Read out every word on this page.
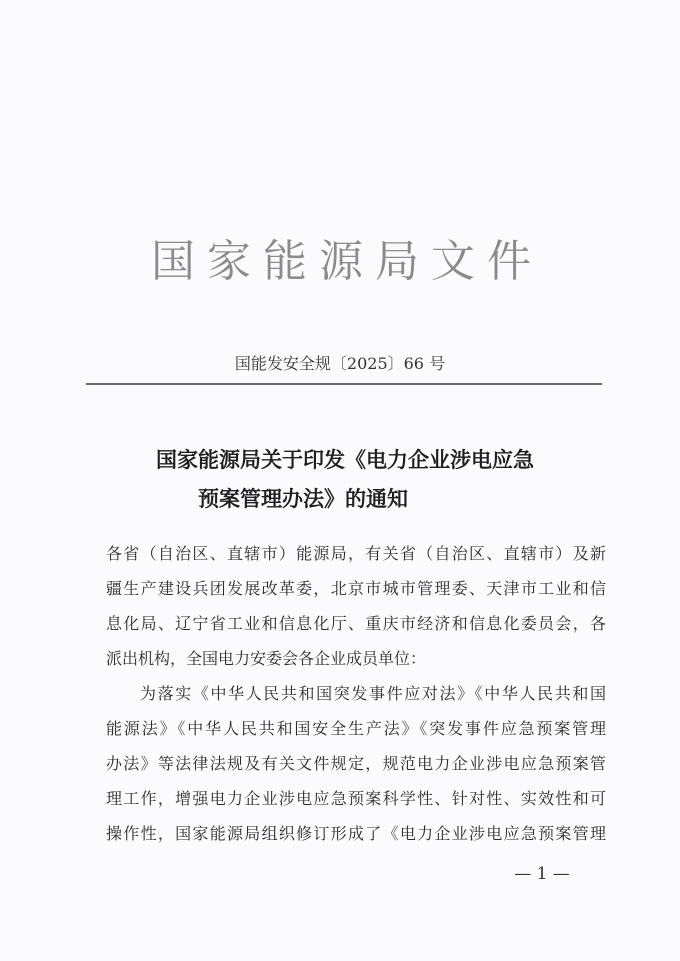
国家能源局文件
国能发安全规〔2025〕66 号
国家能源局关于印发《电力企业涉电应急
预案管理办法》的通知
各省（自治区、直辖市）能源局，有关省（自治区、直辖市）及新
疆生产建设兵团发展改革委，北京市城市管理委、天津市工业和信
息化局、辽宁省工业和信息化厅、重庆市经济和信息化委员会，各
派出机构，全国电力安委会各企业成员单位：
为落实《中华人民共和国突发事件应对法》《中华人民共和国
能源法》《中华人民共和国安全生产法》《突发事件应急预案管理
办法》等法律法规及有关文件规定，规范电力企业涉电应急预案管
理工作，增强电力企业涉电应急预案科学性、针对性、实效性和可
操作性，国家能源局组织修订形成了《电力企业涉电应急预案管理
— 1 —
